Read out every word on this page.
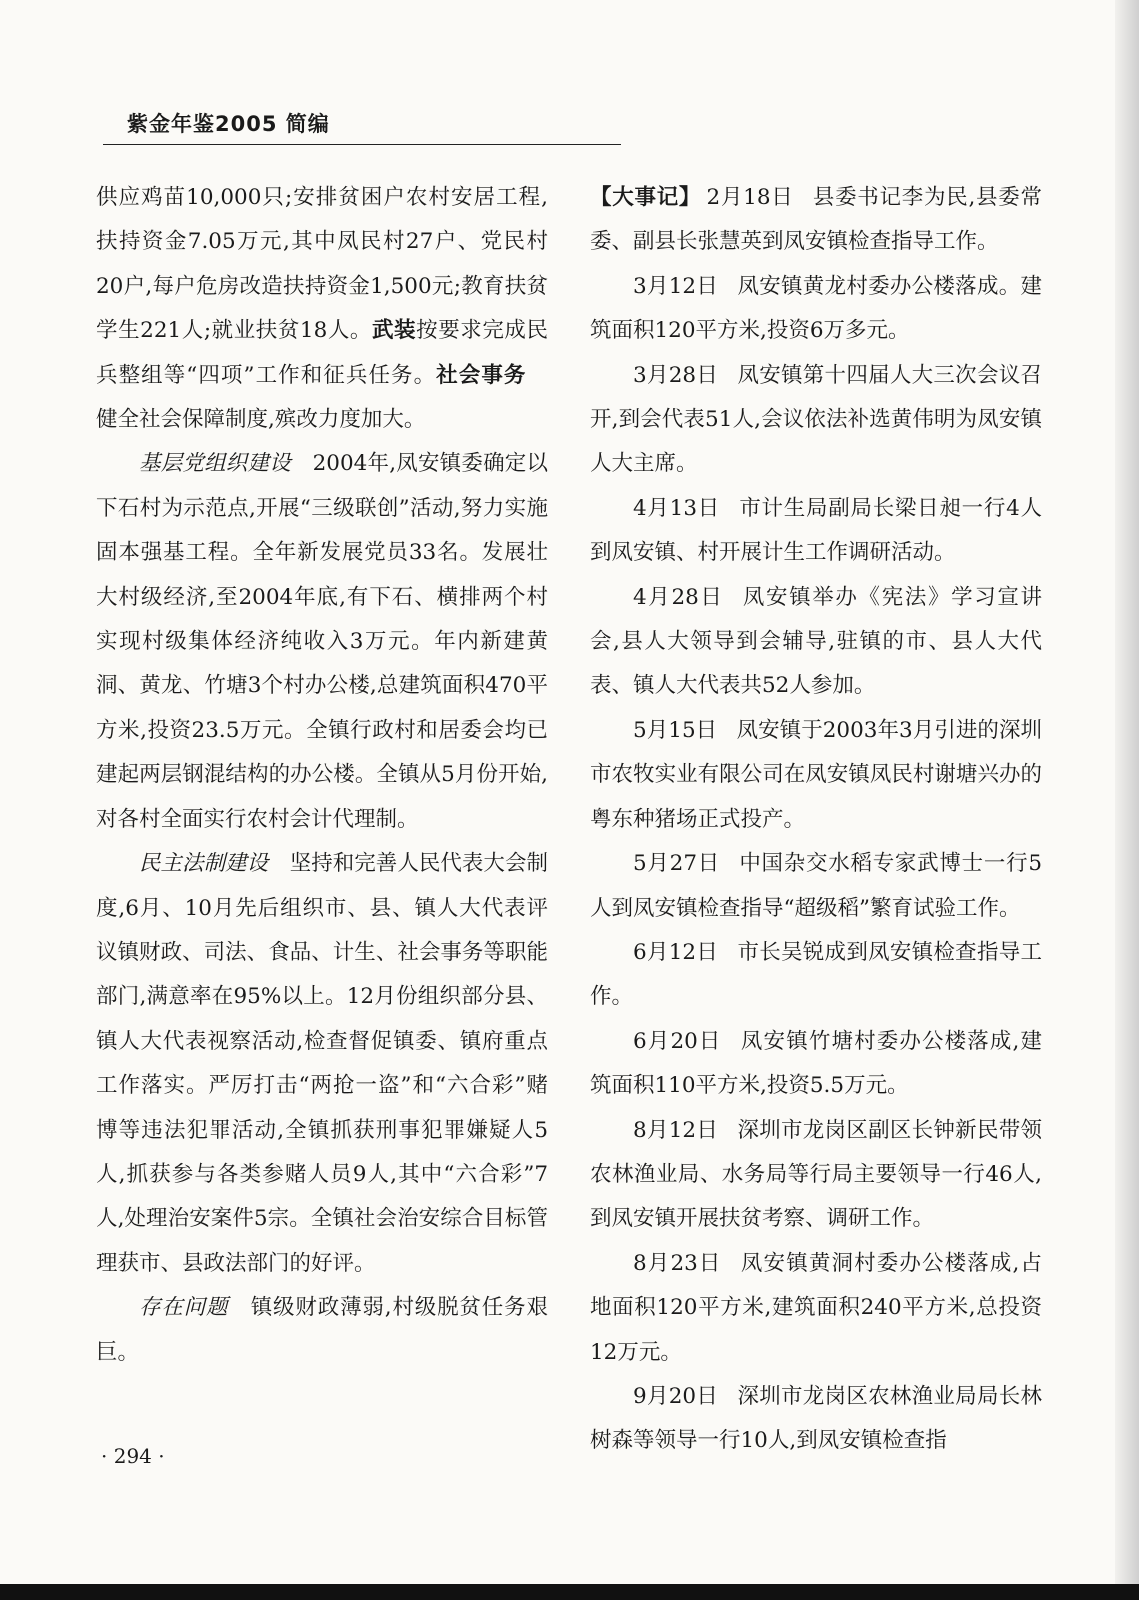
紫金年鉴2005 简编

供应鸡苗10,000只;安排贫困户农村安居工程,扶持资金7.05万元,其中凤民村27户、党民村20户,每户危房改造扶持资金1,500元;教育扶贫学生221人;就业扶贫18人。武装按要求完成民兵整组等“四项”工作和征兵任务。社会事务　健全社会保障制度,殡改力度加大。

基层党组织建设　2004年,凤安镇委确定以下石村为示范点,开展“三级联创”活动,努力实施固本强基工程。全年新发展党员33名。发展壮大村级经济,至2004年底,有下石、横排两个村实现村级集体经济纯收入3万元。年内新建黄洞、黄龙、竹塘3个村办公楼,总建筑面积470平方米,投资23.5万元。全镇行政村和居委会均已建起两层钢混结构的办公楼。全镇从5月份开始,对各村全面实行农村会计代理制。

民主法制建设　坚持和完善人民代表大会制度,6月、10月先后组织市、县、镇人大代表评议镇财政、司法、食品、计生、社会事务等职能部门,满意率在95%以上。12月份组织部分县、镇人大代表视察活动,检查督促镇委、镇府重点工作落实。严厉打击“两抢一盗”和“六合彩”赌博等违法犯罪活动,全镇抓获刑事犯罪嫌疑人5人,抓获参与各类参赌人员9人,其中“六合彩”7人,处理治安案件5宗。全镇社会治安综合目标管理获市、县政法部门的好评。

存在问题　镇级财政薄弱,村级脱贫任务艰巨。

【大事记】  2月18日 县委书记李为民,县委常委、副县长张慧英到凤安镇检查指导工作。

3月12日 凤安镇黄龙村委办公楼落成。建筑面积120平方米,投资6万多元。

3月28日 凤安镇第十四届人大三次会议召开,到会代表51人,会议依法补选黄伟明为凤安镇人大主席。

4月13日 市计生局副局长梁日昶一行4人到凤安镇、村开展计生工作调研活动。

4月28日 凤安镇举办《宪法》学习宣讲会,县人大领导到会辅导,驻镇的市、县人大代表、镇人大代表共52人参加。

5月15日 凤安镇于2003年3月引进的深圳市农牧实业有限公司在凤安镇凤民村谢塘兴办的粤东种猪场正式投产。

5月27日 中国杂交水稻专家武博士一行5人到凤安镇检查指导“超级稻”繁育试验工作。

6月12日 市长吴锐成到凤安镇检查指导工作。

6月20日 凤安镇竹塘村委办公楼落成,建筑面积110平方米,投资5.5万元。

8月12日 深圳市龙岗区副区长钟新民带领农林渔业局、水务局等行局主要领导一行46人,到凤安镇开展扶贫考察、调研工作。

8月23日 凤安镇黄洞村委办公楼落成,占地面积120平方米,建筑面积240平方米,总投资12万元。

9月20日 深圳市龙岗区农林渔业局局长林树森等领导一行10人,到凤安镇检查指

· 294 ·
